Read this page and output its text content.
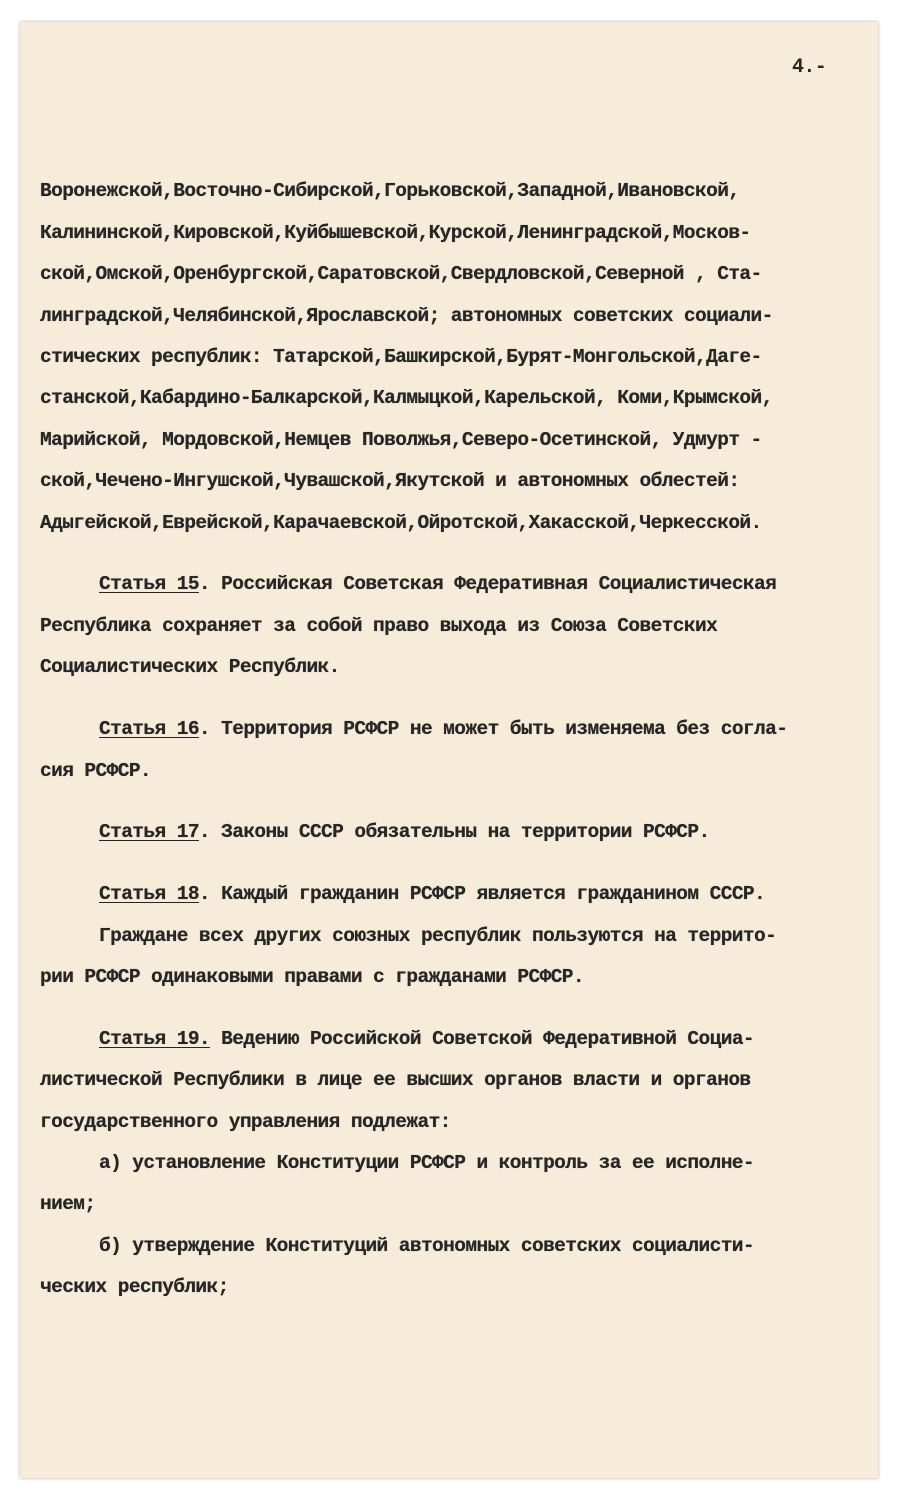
4.-
Воронежской,Восточно-Сибирской,Горьковской,Западной,Ивановской,
Калининской,Кировской,Куйбышевской,Курской,Ленинградской,Москов-
ской,Омской,Оренбургской,Саратовской,Свердловской,Северной , Ста-
линградской,Челябинской,Ярославской; автономных советских социали-
стических республик: Татарской,Башкирской,Бурят-Монгольской,Даге-
станской,Кабардино-Балкарской,Калмыцкой,Карельской, Коми,Крымской,
Марийской, Мордовской,Немцев Поволжья,Северо-Осетинской, Удмурт -
ской,Чечено-Ингушской,Чувашской,Якутской и автономных облестей:
Адыгейской,Еврейской,Карачаевской,Ойротской,Хакасской,Черкесской.
Статья 15. Российская Советская Федеративная Социалистическая
Республика сохраняет за собой право выхода из Союза Советских
Социалистических Республик.
Статья 16. Территория РСФСР не может быть изменяема без согла-
сия РСФСР.
Статья 17. Законы СССР обязательны на территории РСФСР.
Статья 18. Каждый гражданин РСФСР является гражданином СССР.
Граждане всех других союзных республик пользуются на террито-
рии РСФСР одинаковыми правами с гражданами РСФСР.
Статья 19. Ведению Российской Советской Федеративной Социа-
листической Республики в лице ее высших органов власти и органов
государственного управления подлежат:
а) установление Конституции РСФСР и контроль за ее исполне-
нием;
б) утверждение Конституций автономных советских социалисти-
ческих республик;
